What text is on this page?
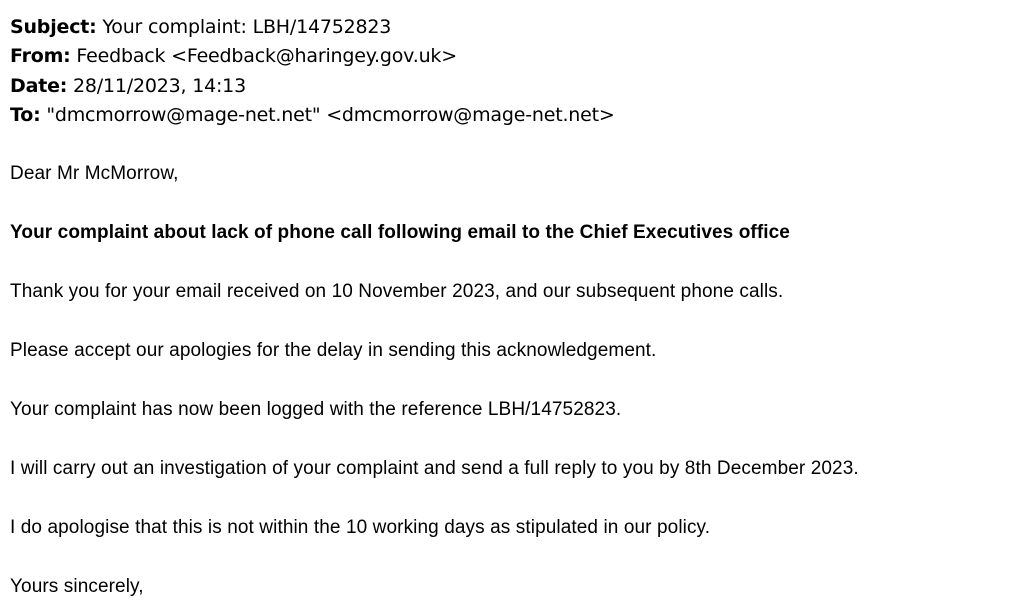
Subject: Your complaint: LBH/14752823
From: Feedback <Feedback@haringey.gov.uk>
Date: 28/11/2023, 14:13
To: "dmcmorrow@mage-net.net" <dmcmorrow@mage-net.net>

Dear Mr McMorrow,

Your complaint about lack of phone call following email to the Chief Executives office

Thank you for your email received on 10 November 2023, and our subsequent phone calls.

Please accept our apologies for the delay in sending this acknowledgement.

Your complaint has now been logged with the reference LBH/14752823.

I will carry out an investigation of your complaint and send a full reply to you by 8th December 2023.

I do apologise that this is not within the 10 working days as stipulated in our policy.

Yours sincerely,
